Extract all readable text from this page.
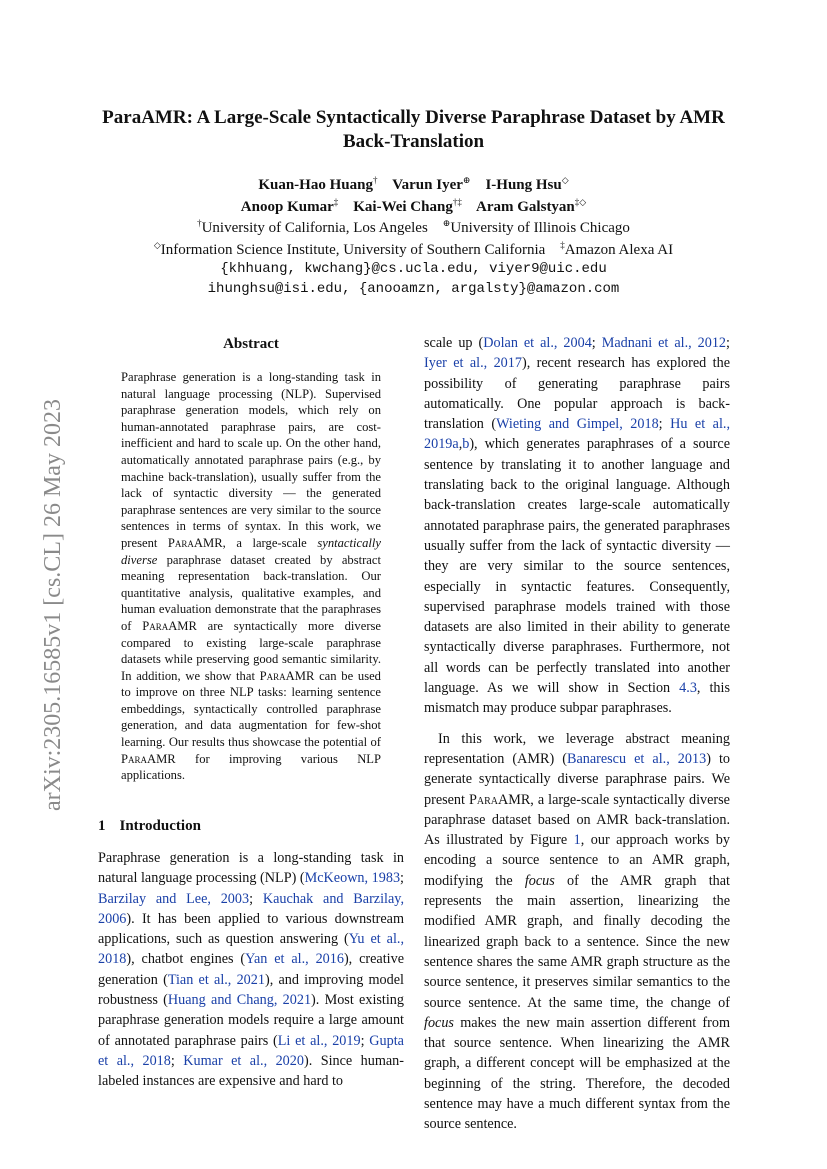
ParaAMR: A Large-Scale Syntactically Diverse Paraphrase Dataset by AMR Back-Translation
Kuan-Hao Huang† Varun Iyer⊕ I-Hung Hsu◇
Anoop Kumar‡ Kai-Wei Chang†‡ Aram Galstyan‡◇
†University of California, Los Angeles ⊕University of Illinois Chicago
◇Information Science Institute, University of Southern California ‡Amazon Alexa AI
{khhuang, kwchang}@cs.ucla.edu, viyer9@uic.edu
ihunghsu@isi.edu, {anooamzn, argalsty}@amazon.com
arXiv:2305.16585v1 [cs.CL] 26 May 2023
Abstract
Paraphrase generation is a long-standing task in natural language processing (NLP). Supervised paraphrase generation models, which rely on human-annotated paraphrase pairs, are cost-inefficient and hard to scale up. On the other hand, automatically annotated paraphrase pairs (e.g., by machine back-translation), usually suffer from the lack of syntactic diversity — the generated paraphrase sentences are very similar to the source sentences in terms of syntax. In this work, we present ParaAMR, a large-scale syntactically diverse paraphrase dataset created by abstract meaning representation back-translation. Our quantitative analysis, qualitative examples, and human evaluation demonstrate that the paraphrases of ParaAMR are syntactically more diverse compared to existing large-scale paraphrase datasets while preserving good semantic similarity. In addition, we show that ParaAMR can be used to improve on three NLP tasks: learning sentence embeddings, syntactically controlled paraphrase generation, and data augmentation for few-shot learning. Our results thus showcase the potential of ParaAMR for improving various NLP applications.
1 Introduction
Paraphrase generation is a long-standing task in natural language processing (NLP) (McKeown, 1983; Barzilay and Lee, 2003; Kauchak and Barzilay, 2006). It has been applied to various downstream applications, such as question answering (Yu et al., 2018), chatbot engines (Yan et al., 2016), creative generation (Tian et al., 2021), and improving model robustness (Huang and Chang, 2021). Most existing paraphrase generation models require a large amount of annotated paraphrase pairs (Li et al., 2019; Gupta et al., 2018; Kumar et al., 2020). Since human-labeled instances are expensive and hard to

scale up (Dolan et al., 2004; Madnani et al., 2012; Iyer et al., 2017), recent research has explored the possibility of generating paraphrase pairs automatically. One popular approach is back-translation (Wieting and Gimpel, 2018; Hu et al., 2019a,b), which generates paraphrases of a source sentence by translating it to another language and translating back to the original language. Although back-translation creates large-scale automatically annotated paraphrase pairs, the generated paraphrases usually suffer from the lack of syntactic diversity — they are very similar to the source sentences, especially in syntactic features. Consequently, supervised paraphrase models trained with those datasets are also limited in their ability to generate syntactically diverse paraphrases. Furthermore, not all words can be perfectly translated into another language. As we will show in Section 4.3, this mismatch may produce subpar paraphrases.

In this work, we leverage abstract meaning representation (AMR) (Banarescu et al., 2013) to generate syntactically diverse paraphrase pairs. We present ParaAMR, a large-scale syntactically diverse paraphrase dataset based on AMR back-translation. As illustrated by Figure 1, our approach works by encoding a source sentence to an AMR graph, modifying the focus of the AMR graph that represents the main assertion, linearizing the modified AMR graph, and finally decoding the linearized graph back to a sentence. Since the new sentence shares the same AMR graph structure as the source sentence, it preserves similar semantics to the source sentence. At the same time, the change of focus makes the new main assertion different from that source sentence. When linearizing the AMR graph, a different concept will be emphasized at the beginning of the string. Therefore, the decoded sentence may have a much different syntax from the source sentence.
